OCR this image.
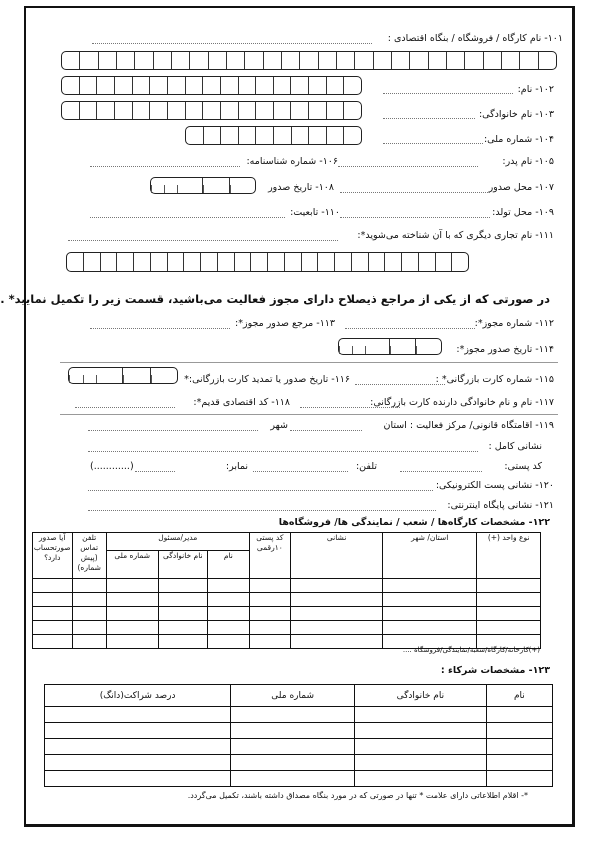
۱۰۱- نام کارگاه / فروشگاه / بنگاه اقتصادی :
۱۰۲- نام:
۱۰۳- نام خانوادگی:
۱۰۴- شماره ملی:
۱۰۵- نام پدر:
۱۰۶- شماره شناسنامه:
۱۰۷- محل صدور
۱۰۸- تاریخ صدور
۱۰۹- محل تولد:
۱۱۰- تابعیت:
۱۱۱- نام تجاری دیگری که با آن شناخته می‌شوید*:
در صورتی که از یکی از مراجع ذیصلاح دارای مجوز فعالیت می‌باشید، قسمت زیر را تکمیل نمایید* .
۱۱۲- شماره مجوز*:
۱۱۳- مرجع صدور مجوز*:
۱۱۴- تاریخ صدور مجوز*:
۱۱۵- شماره کارت بازرگانی* :
۱۱۶- تاریخ صدور یا تمدید کارت بازرگانی:*
۱۱۷- نام و نام خانوادگی دارنده کارت بازرگانی:
۱۱۸- کد اقتصادی قدیم*:
۱۱۹- اقامتگاه قانونی/ مرکز فعالیت : استان
شهر
نشانی کامل :
کد پستی:
تلفن:
نمابر:
(............)
۱۲۰- نشانی پست الکترونیکی:
۱۲۱- نشانی پایگاه اینترنتی:
۱۲۲- مشخصات کارگاه‌ها / شعب / نمایندگی ها/ فروشگاه‌ها
نوع واحد (+)	استان/ شهر	نشانی	کد پستی ۱۰رقمی	مدیر/مسئول			تلفن تماس (پیش شماره)	آیا صدور صورتحساب دارد؟
				نام	نام خانوادگی	شماره ملی		

(+)کارخانه/کارگاه/شعبه/نمایندگی/فروشگاه ....
۱۲۳- مشخصات شرکاء :
نام	نام خانوادگی	شماره ملی	درصد شراکت(دانگ)

*- اقلام اطلاعاتی دارای علامت * تنها در صورتی که در مورد بنگاه مصداق داشته باشند، تکمیل می‌گردد.
